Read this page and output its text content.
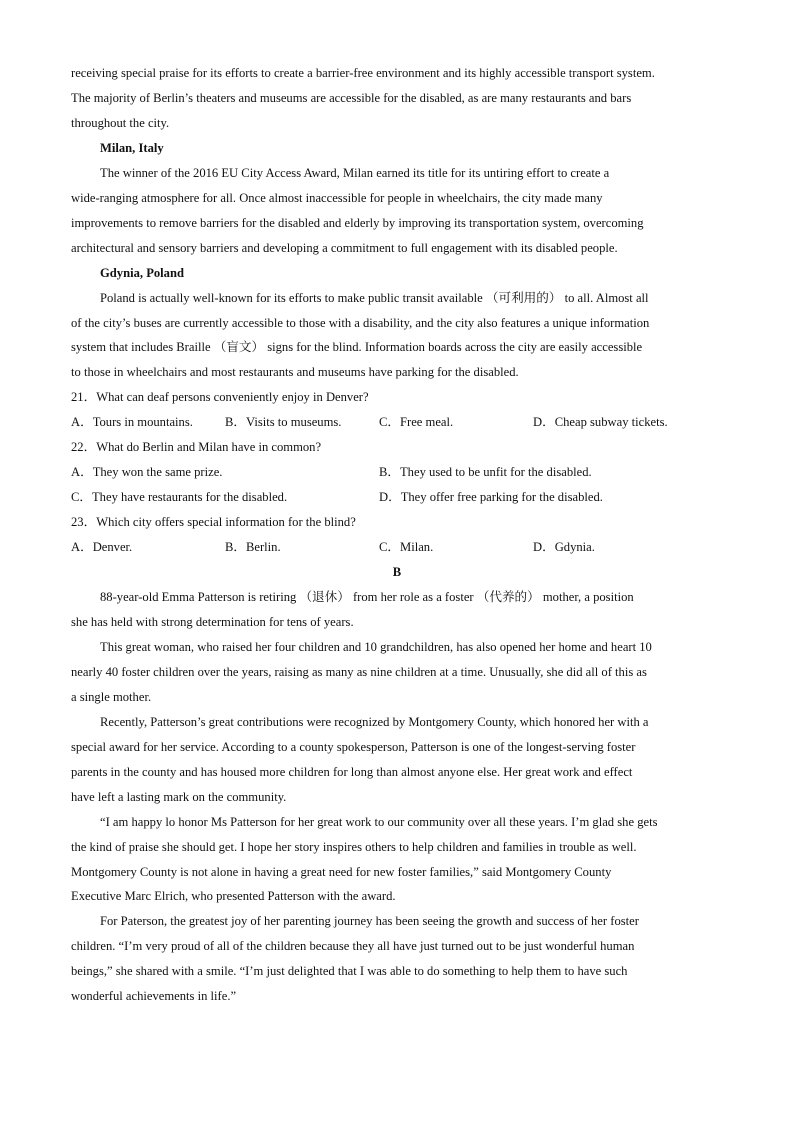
receiving special praise for its efforts to create a barrier-free environment and its highly accessible transport system.
The majority of Berlin’s theaters and museums are accessible for the disabled, as are many restaurants and bars
throughout the city.
Milan, Italy
The winner of the 2016 EU City Access Award, Milan earned its title for its untiring effort to create a
wide-ranging atmosphere for all. Once almost inaccessible for people in wheelchairs, the city made many
improvements to remove barriers for the disabled and elderly by improving its transportation system, overcoming
architectural and sensory barriers and developing a commitment to full engagement with its disabled people.
Gdynia, Poland
Poland is actually well-known for its efforts to make public transit available （可利用的） to all. Almost all
of the city’s buses are currently accessible to those with a disability, and the city also features a unique information
system that includes Braille （盲文） signs for the blind. Information boards across the city are easily accessible
to those in wheelchairs and most restaurants and museums have parking for the disabled.
21．What can deaf persons conveniently enjoy in Denver?
A．Tours in mountains.	B．Visits to museums.	C．Free meal.	D．Cheap subway tickets.
22．What do Berlin and Milan have in common?
A．They won the same prize.	B．They used to be unfit for the disabled.
C．They have restaurants for the disabled.	D．They offer free parking for the disabled.
23．Which city offers special information for the blind?
A．Denver.	B．Berlin.	C．Milan.	D．Gdynia.
B
88-year-old Emma Patterson is retiring （退休） from her role as a foster （代养的） mother, a position
she has held with strong determination for tens of years.
This great woman, who raised her four children and 10 grandchildren, has also opened her home and heart 10
nearly 40 foster children over the years, raising as many as nine children at a time. Unusually, she did all of this as
a single mother.
Recently, Patterson’s great contributions were recognized by Montgomery County, which honored her with a
special award for her service. According to a county spokesperson, Patterson is one of the longest-serving foster
parents in the county and has housed more children for long than almost anyone else. Her great work and effect
have left a lasting mark on the community.
“I am happy lo honor Ms Patterson for her great work to our community over all these years. I’m glad she gets
the kind of praise she should get. I hope her story inspires others to help children and families in trouble as well.
Montgomery County is not alone in having a great need for new foster families,” said Montgomery County
Executive Marc Elrich, who presented Patterson with the award.
For Paterson, the greatest joy of her parenting journey has been seeing the growth and success of her foster
children. “I’m very proud of all of the children because they all have just turned out to be just wonderful human
beings,” she shared with a smile. “I’m just delighted that I was able to do something to help them to have such
wonderful achievements in life.”
